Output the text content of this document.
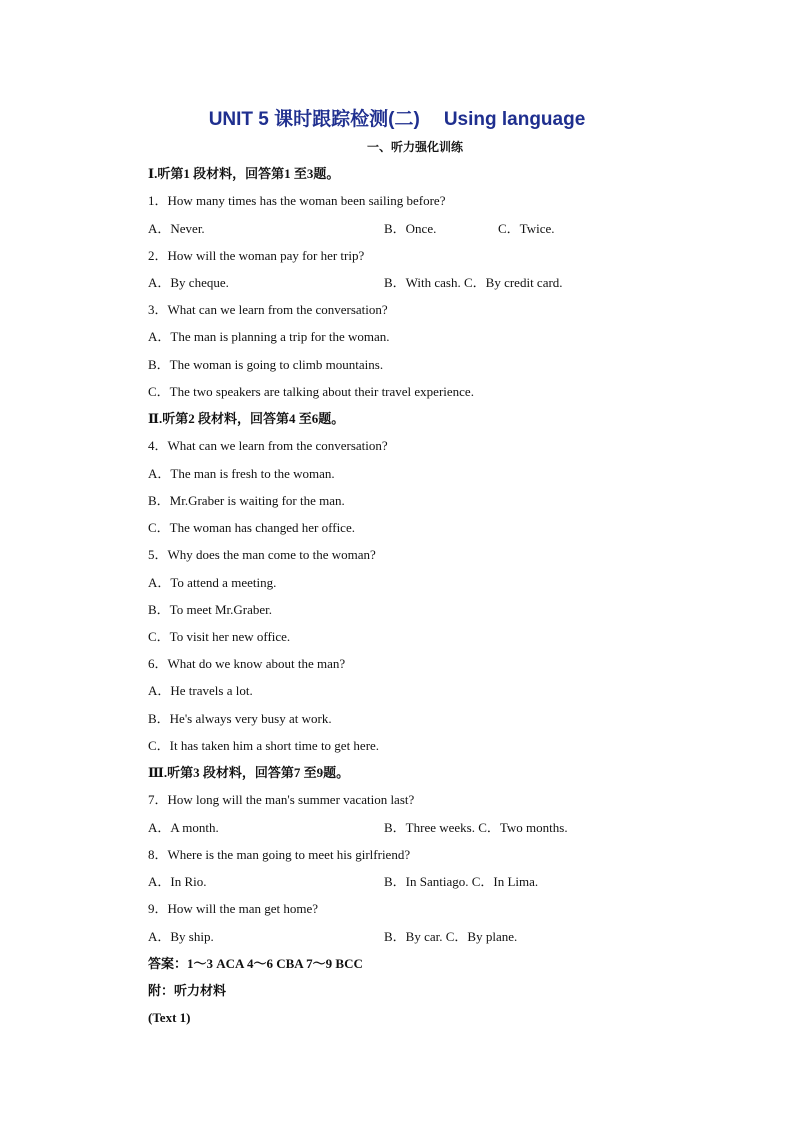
UNIT 5 课时跟踪检测(二) Using language
一、听力强化训练
Ⅰ.听第1 段材料，回答第1 至3题。
1．How many times has the woman been sailing before?
A．Never.	B．Once.	C．Twice.
2．How will the woman pay for her trip?
A．By cheque.	B．With cash. C．By credit card.
3．What can we learn from the conversation?
A．The man is planning a trip for the woman.
B．The woman is going to climb mountains.
C．The two speakers are talking about their travel experience.
Ⅱ.听第2 段材料，回答第4 至6题。
4．What can we learn from the conversation?
A．The man is fresh to the woman.
B．Mr.Graber is waiting for the man.
C．The woman has changed her office.
5．Why does the man come to the woman?
A．To attend a meeting.
B．To meet Mr.Graber.
C．To visit her new office.
6．What do we know about the man?
A．He travels a lot.
B．He's always very busy at work.
C．It has taken him a short time to get here.
Ⅲ.听第3 段材料，回答第7 至9题。
7．How long will the man's summer vacation last?
A．A month.	B．Three weeks. C．Two months.
8．Where is the man going to meet his girlfriend?
A．In Rio.	B．In Santiago. C．In Lima.
9．How will the man get home?
A．By ship.	B．By car. C．By plane.
答案：1～3 ACA 4～6 CBA 7～9 BCC
附：听力材料
(Text 1)
